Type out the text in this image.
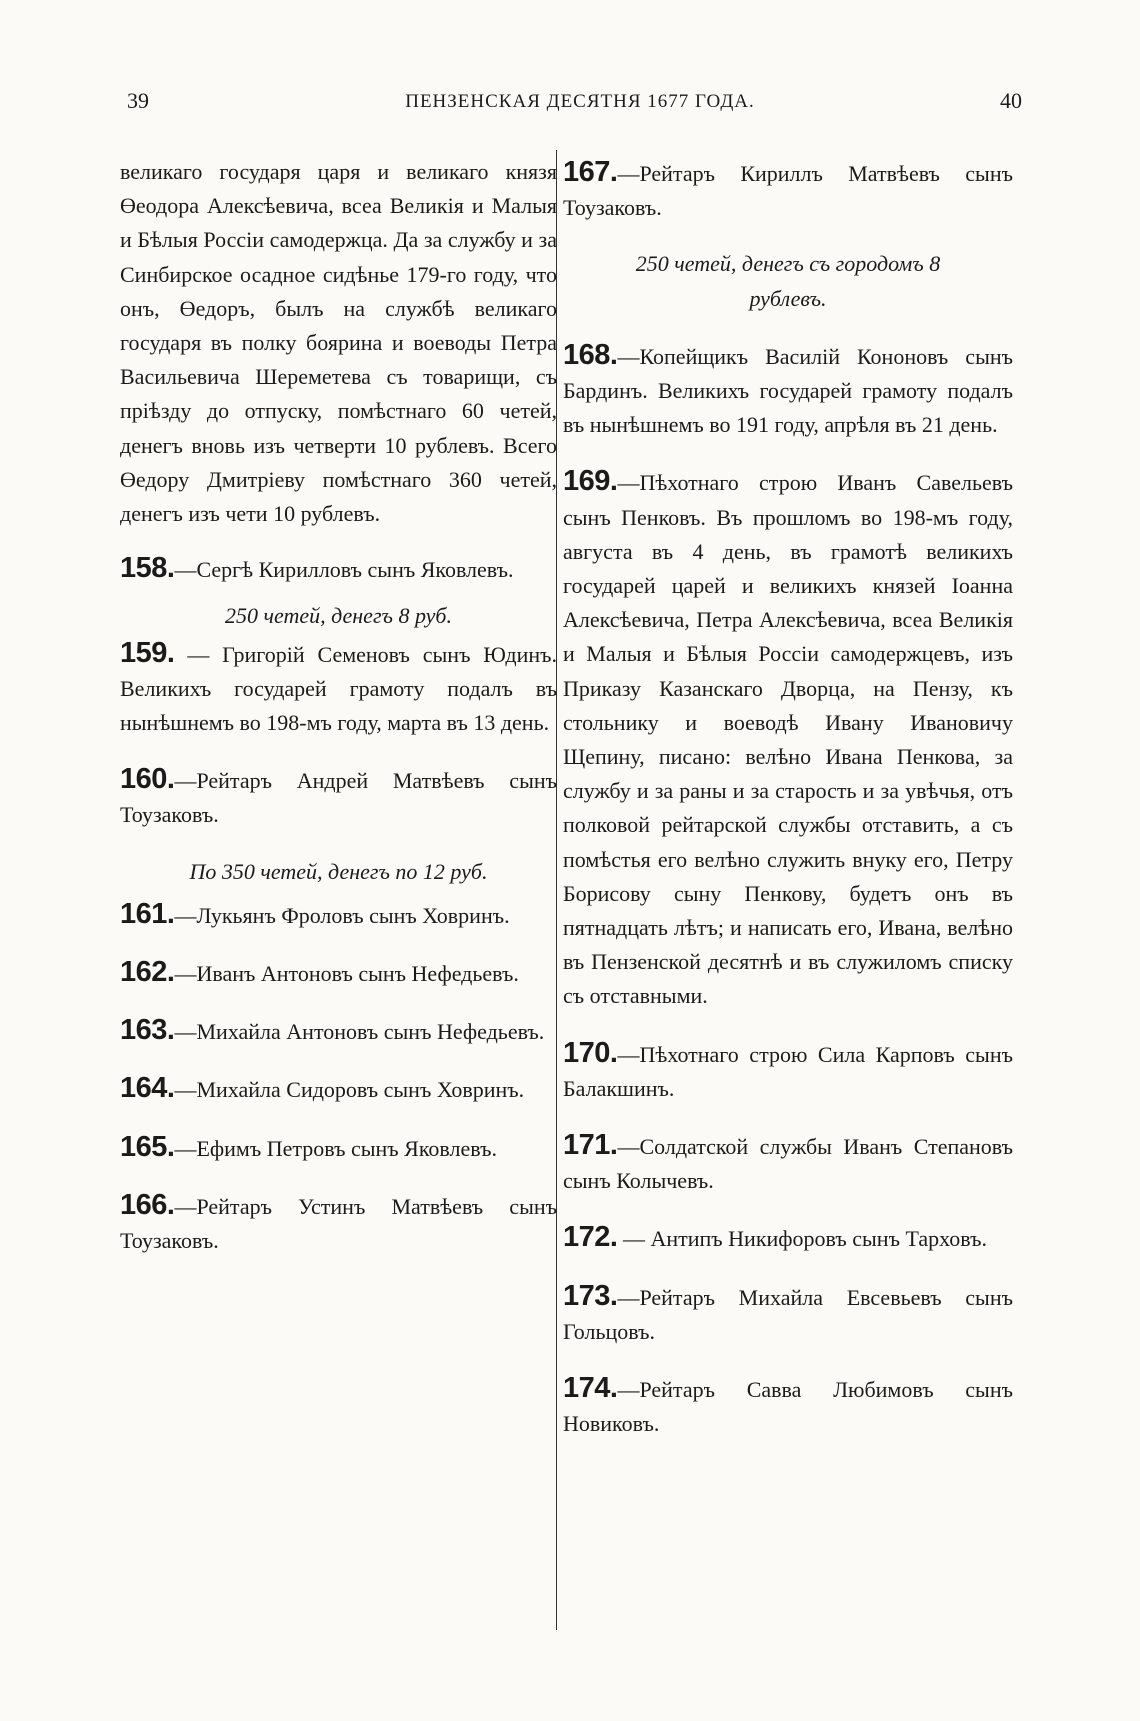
39	ПЕНЗЕНСКАЯ ДЕСЯТНЯ 1677 ГОДА.	40

великаго государя царя и великаго князя Өеодора Алексѣевича, всеа Великія и Малыя и Бѣлыя Россіи самодержца. Да за службу и за Синбирское осадное сидѣнье 179-го году, что онъ, Өедоръ, былъ на службѣ великаго государя въ полку боярина и воеводы Петра Васильевича Шереметева съ товарищи, съ пріѣзду до отпуску, помѣстнаго 60 четей, денегъ вновь изъ четверти 10 рублевъ. Всего Өедору Дмитріеву помѣстнаго 360 четей, денегъ изъ чети 10 рублевъ.

158.—Сергѣ Кирилловъ сынъ Яковлевъ.

250 четей, денегъ 8 руб.

159. — Григорій Семеновъ сынъ Юдинъ. Великихъ государей грамоту подалъ въ нынѣшнемъ во 198-мъ году, марта въ 13 день.

160.—Рейтаръ Андрей Матвѣевъ сынъ Тоузаковъ.

По 350 четей, денегъ по 12 руб.

161.—Лукьянъ Фроловъ сынъ Ховринъ.

162.—Иванъ Антоновъ сынъ Нефедьевъ.

163.—Михайла Антоновъ сынъ Нефедьевъ.

164.—Михайла Сидоровъ сынъ Ховринъ.

165.—Ефимъ Петровъ сынъ Яковлевъ.

166.—Рейтаръ Устинъ Матвѣевъ сынъ Тоузаковъ.

167.—Рейтаръ Кириллъ Матвѣевъ сынъ Тоузаковъ.

250 четей, денегъ съ городомъ 8 рублевъ.

168.—Копейщикъ Василій Кононовъ сынъ Бардинъ. Великихъ государей грамоту подалъ въ нынѣшнемъ во 191 году, апрѣля въ 21 день.

169.—Пѣхотнаго строю Иванъ Савельевъ сынъ Пенковъ. Въ прошломъ во 198-мъ году, августа въ 4 день, въ грамотѣ великихъ государей царей и великихъ князей Іоанна Алексѣевича, Петра Алексѣевича, всеа Великія и Малыя и Бѣлыя Россіи самодержцевъ, изъ Приказу Казанскаго Дворца, на Пензу, къ стольнику и воеводѣ Ивану Ивановичу Щепину, писано: велѣно Ивана Пенкова, за службу и за раны и за старость и за увѣчья, отъ полковой рейтарской службы отставить, а съ помѣстья его велѣно служить внуку его, Петру Борисову сыну Пенкову, будетъ онъ въ пятнадцать лѣтъ; и написать его, Ивана, велѣно въ Пензенской десятнѣ и въ служиломъ списку съ отставными.

170.—Пѣхотнаго строю Сила Карповъ сынъ Балакшинъ.

171.—Солдатской службы Иванъ Степановъ сынъ Колычевъ.

172. — Антипъ Никифоровъ сынъ Тарховъ.

173.—Рейтаръ Михайла Евсевьевъ сынъ Гольцовъ.

174.—Рейтаръ Савва Любимовъ сынъ Новиковъ.
